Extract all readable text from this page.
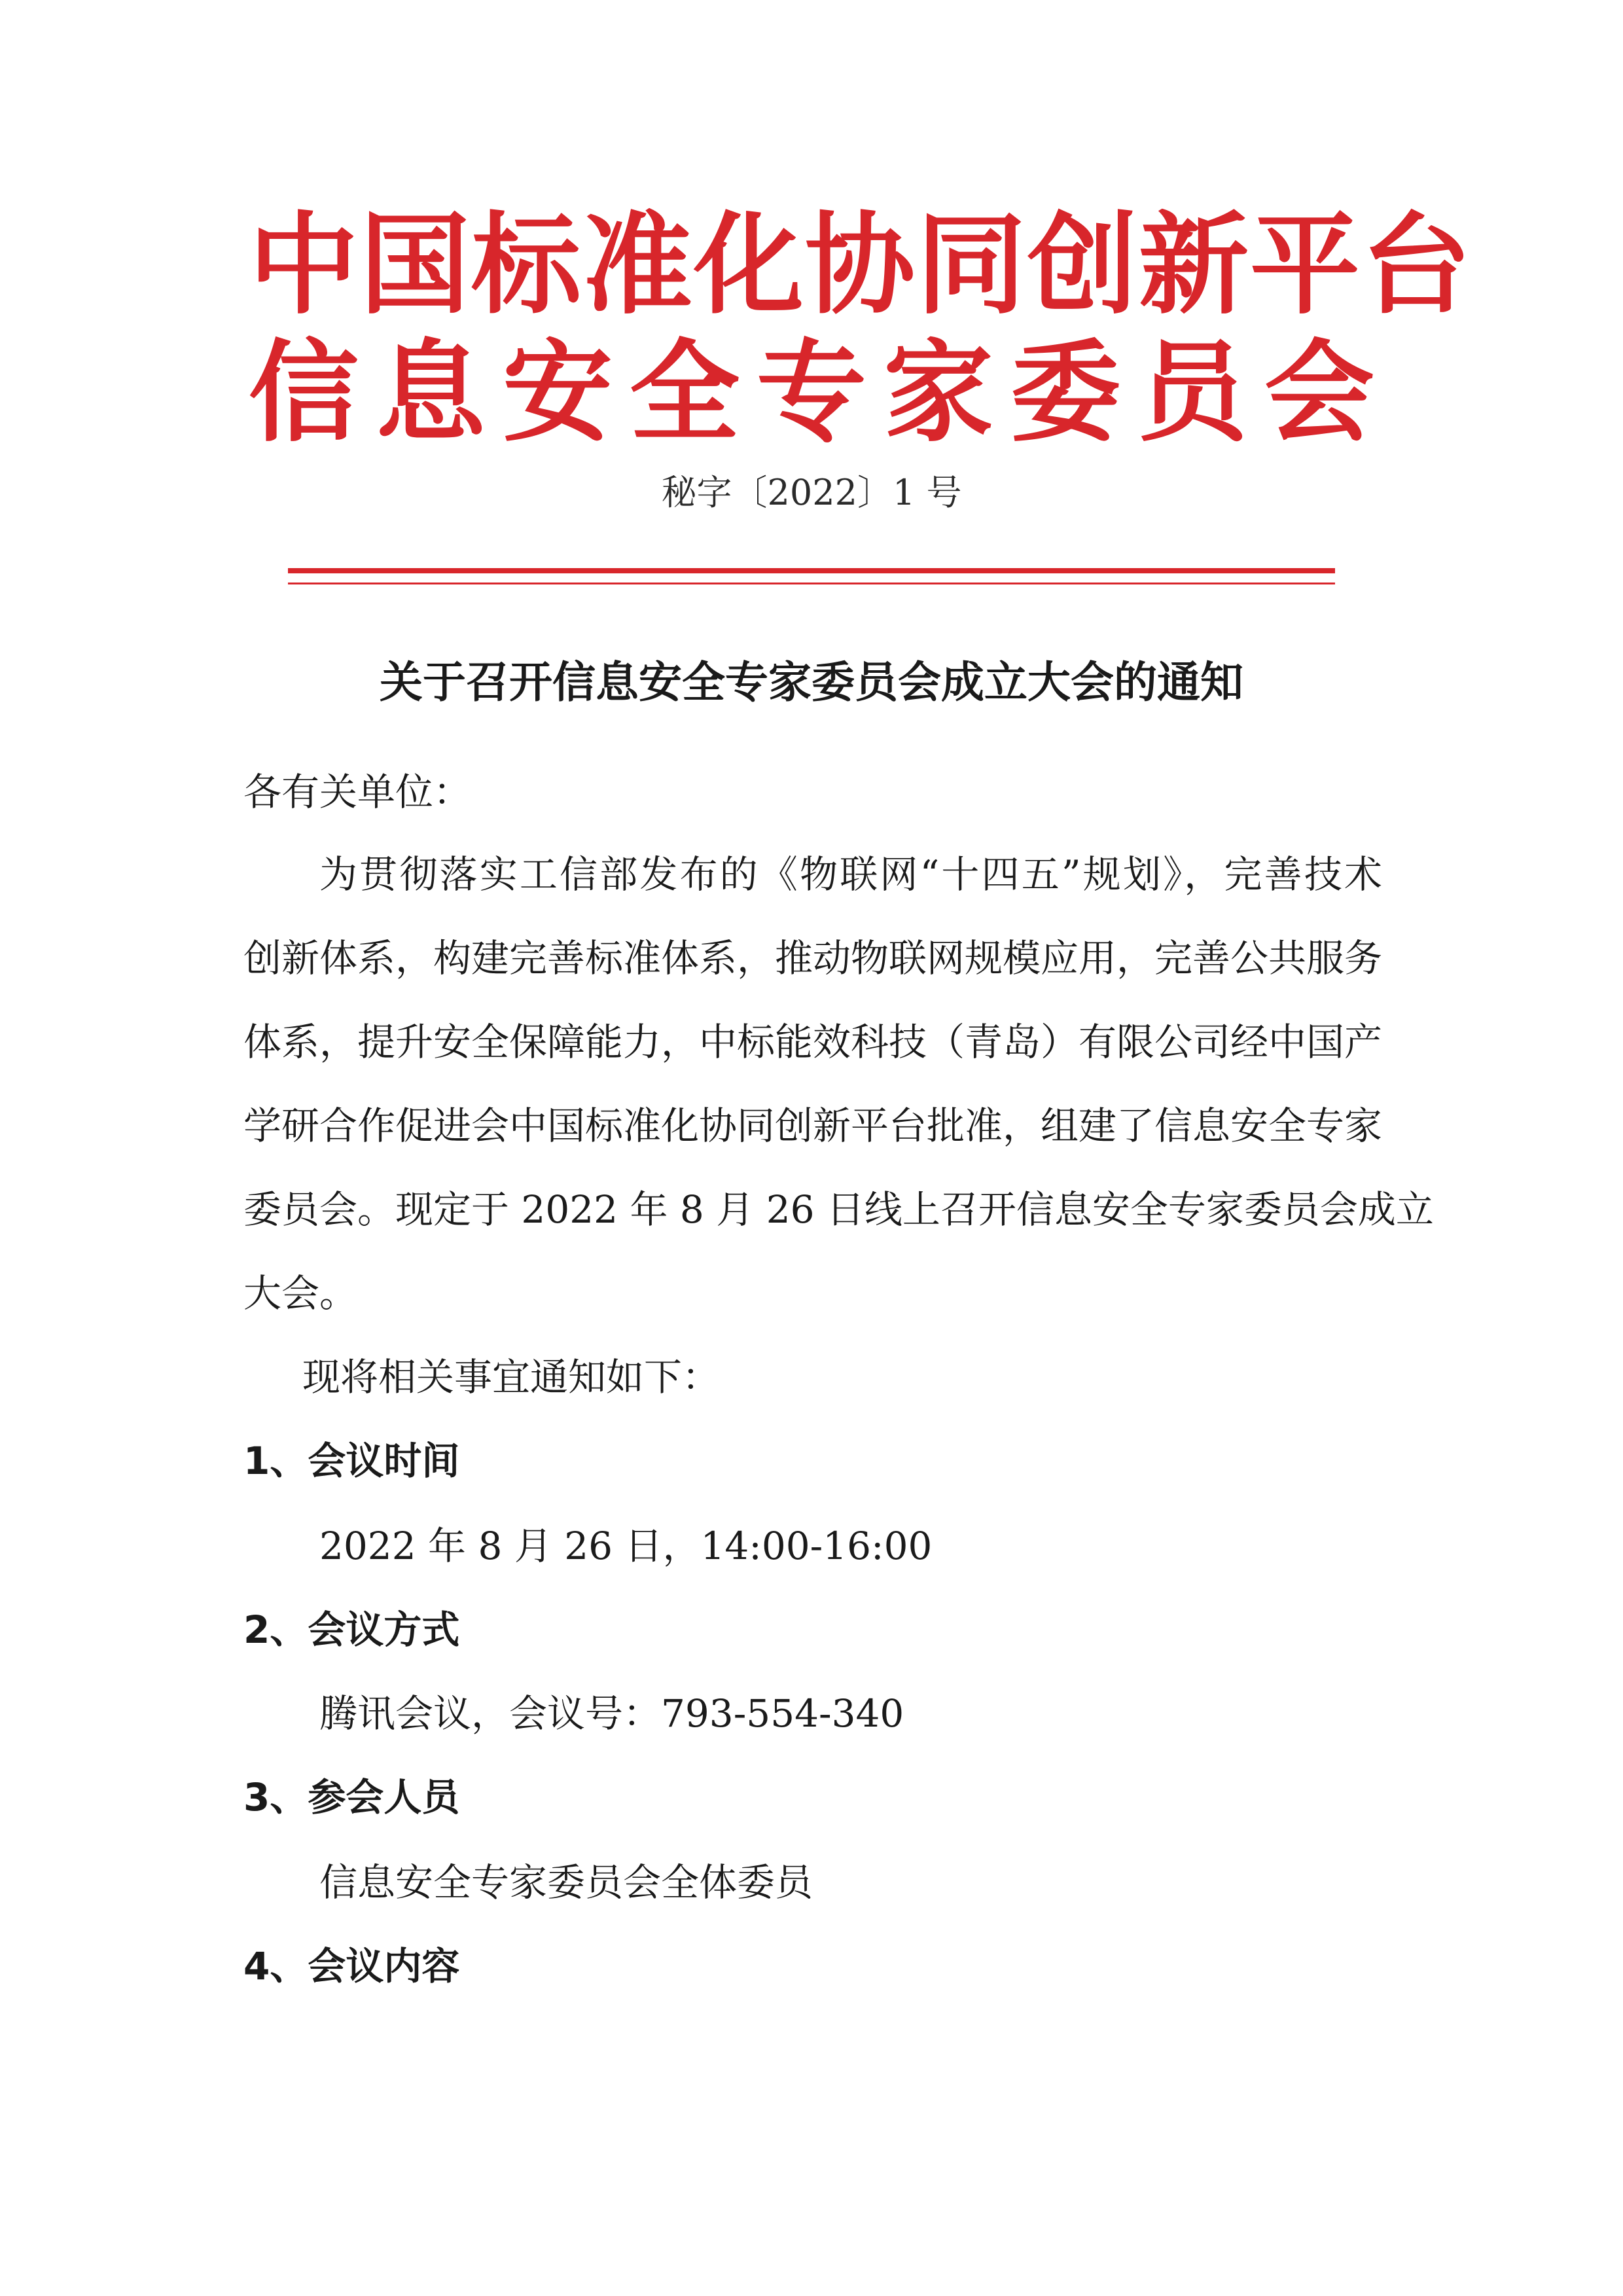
中国标准化协同创新平台
信息安全专家委员会
秘字〔2022〕1 号
关于召开信息安全专家委员会成立大会的通知
各有关单位：
为贯彻落实工信部发布的《物联网“十四五”规划》，完善技术
创新体系，构建完善标准体系，推动物联网规模应用，完善公共服务
体系，提升安全保障能力，中标能效科技（青岛）有限公司经中国产
学研合作促进会中国标准化协同创新平台批准，组建了信息安全专家
委员会。现定于 2022 年 8 月 26 日线上召开信息安全专家委员会成立
大会。
现将相关事宜通知如下：
1、会议时间
2022 年 8 月 26 日，14:00-16:00
2、会议方式
腾讯会议，会议号：793-554-340
3、参会人员
信息安全专家委员会全体委员
4、会议内容
